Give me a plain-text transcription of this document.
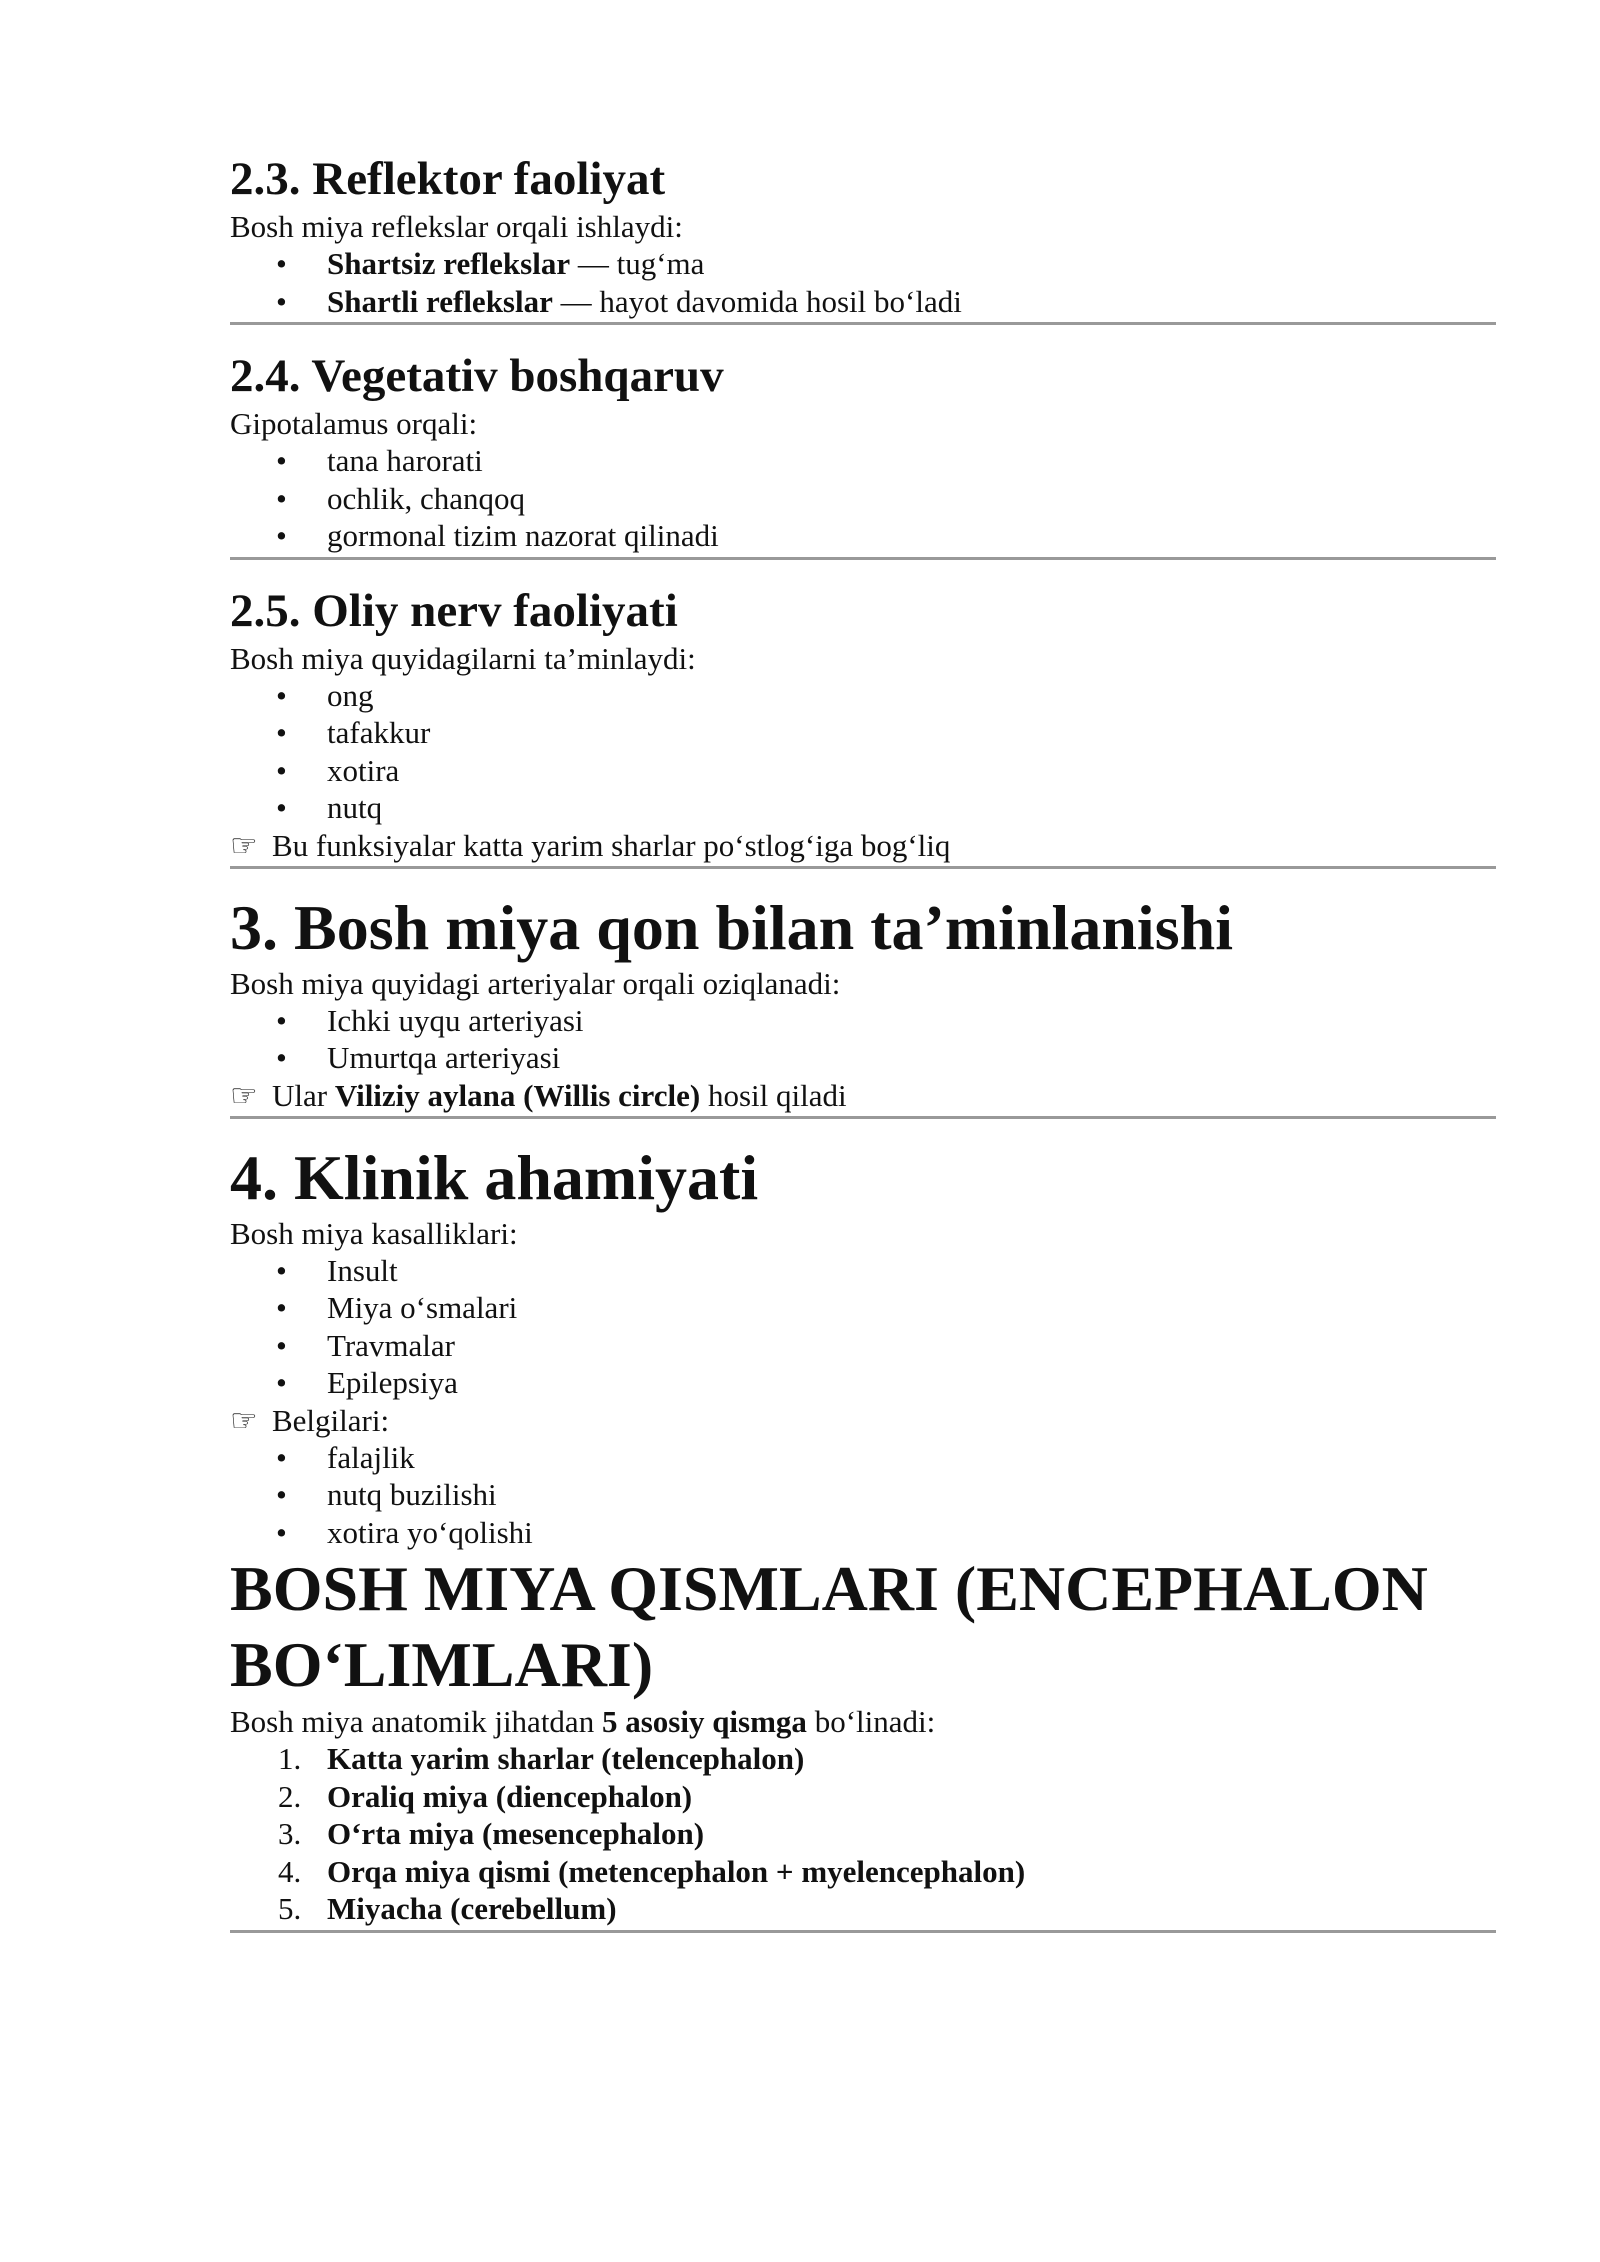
2.3. Reflektor faoliyat

Bosh miya reflekslar orqali ishlaydi:

• Shartsiz reflekslar — tug‘ma
• Shartli reflekslar — hayot davomida hosil bo‘ladi
2.4. Vegetativ boshqaruv

Gipotalamus orqali:

• tana harorati
• ochlik, chanqoq
• gormonal tizim nazorat qilinadi
2.5. Oliy nerv faoliyati

Bosh miya quyidagilarni ta’minlaydi:

• ong
• tafakkur
• xotira
• nutq

☞ Bu funksiyalar katta yarim sharlar po‘stlog‘iga bog‘liq

3. Bosh miya qon bilan ta’minlanishi

Bosh miya quyidagi arteriyalar orqali oziqlanadi:

• Ichki uyqu arteriyasi
• Umurtqa arteriyasi

☞ Ular Viliziy aylana (Willis circle) hosil qiladi

4. Klinik ahamiyati

Bosh miya kasalliklari:

• Insult
• Miya o‘smalari
• Travmalar
• Epilepsiya

☞ Belgilari:

• falajlik
• nutq buzilishi
• xotira yo‘qolishi
BOSH MIYA QISMLARI (ENCEPHALON BO‘LIMLARI)

Bosh miya anatomik jihatdan 5 asosiy qismga bo‘linadi:

1. Katta yarim sharlar (telencephalon)
2. Oraliq miya (diencephalon)
3. O‘rta miya (mesencephalon)
4. Orqa miya qismi (metencephalon + myelencephalon)
5. Miyacha (cerebellum)
